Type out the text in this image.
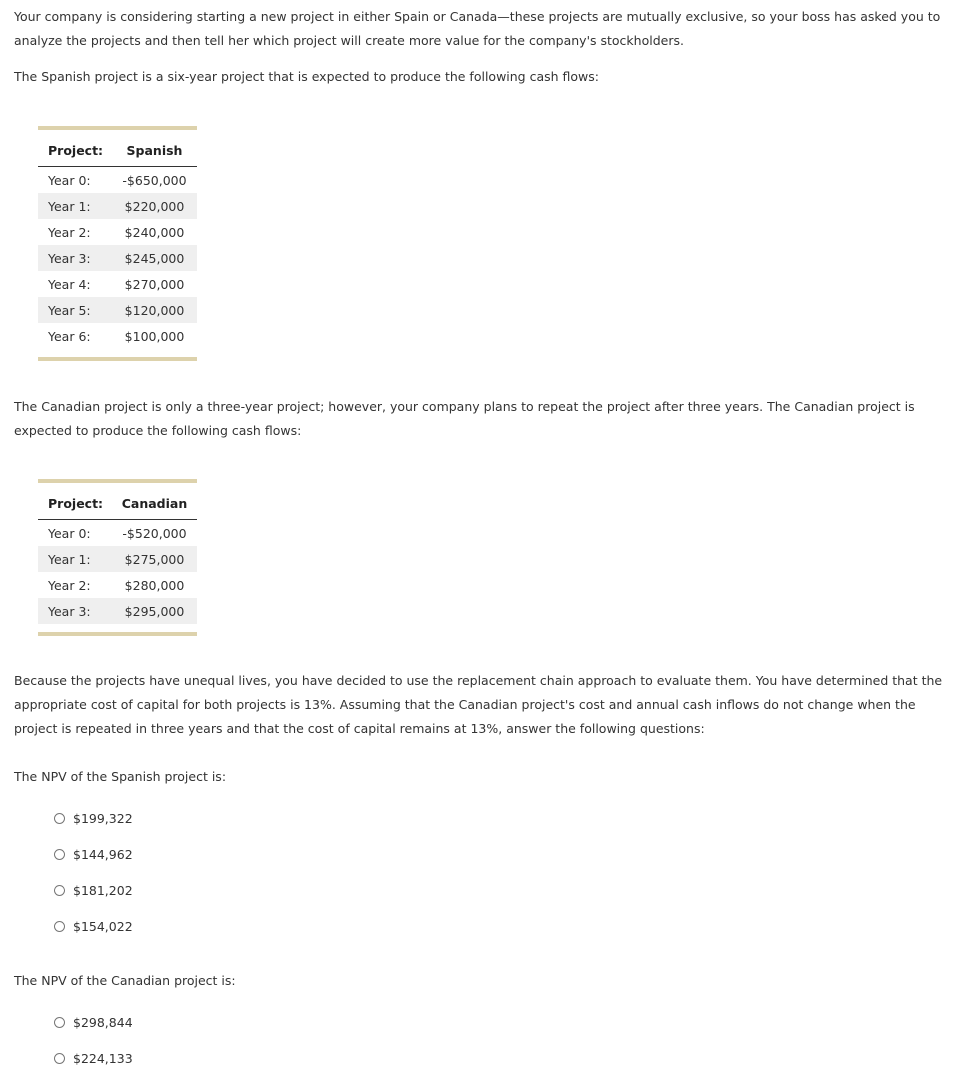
Your company is considering starting a new project in either Spain or Canada—these projects are mutually exclusive, so your boss has asked you to analyze the projects and then tell her which project will create more value for the company's stockholders.

The Spanish project is a six-year project that is expected to produce the following cash flows:

Project:	Spanish
Year 0:	-$650,000
Year 1:	$220,000
Year 2:	$240,000
Year 3:	$245,000
Year 4:	$270,000
Year 5:	$120,000
Year 6:	$100,000

The Canadian project is only a three-year project; however, your company plans to repeat the project after three years. The Canadian project is expected to produce the following cash flows:

Project:	Canadian
Year 0:	-$520,000
Year 1:	$275,000
Year 2:	$280,000
Year 3:	$295,000

Because the projects have unequal lives, you have decided to use the replacement chain approach to evaluate them. You have determined that the appropriate cost of capital for both projects is 13%. Assuming that the Canadian project's cost and annual cash inflows do not change when the project is repeated in three years and that the cost of capital remains at 13%, answer the following questions:

The NPV of the Spanish project is:

$199,322
$144,962
$181,202
$154,022

The NPV of the Canadian project is:

$298,844
$224,133
